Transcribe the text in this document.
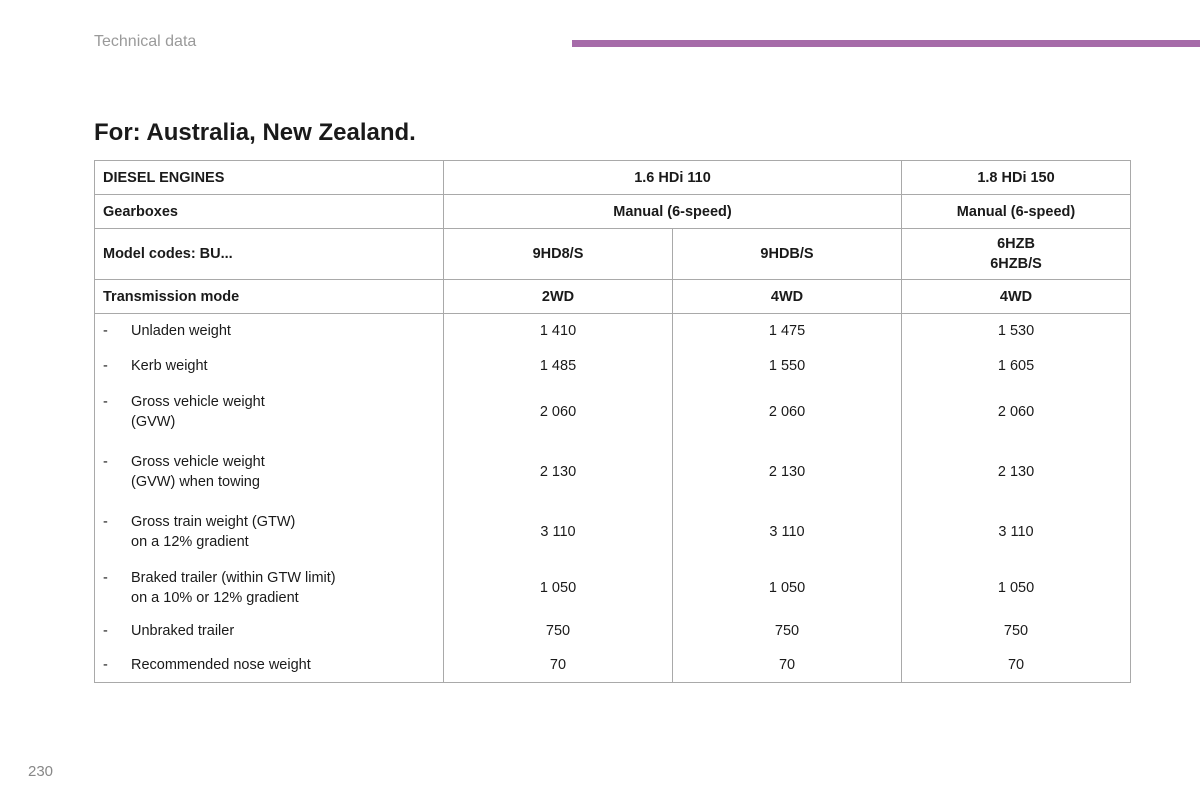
Technical data
For: Australia, New Zealand.
DIESEL ENGINES	1.6 HDi 110		1.8 HDi 150
Gearboxes	Manual (6-speed)		Manual (6-speed)
Model codes: BU...	9HD8/S	9HDB/S	6HZB
6HZB/S

Transmission mode	2WD	4WD	4WD

- Unladen weight	1 410	1 475	1 530

- Kerb weight	1 485	1 550	1 605

- Gross vehicle weight
(GVW)	2 060	2 060	2 060

- Gross vehicle weight
(GVW) when towing	2 130	2 130	2 130

- Gross train weight (GTW)
on a 12% gradient	3 110	3 110	3 110

- Braked trailer (within GTW limit)
on a 10% or 12% gradient	1 050	1 050	1 050

- Unbraked trailer	750	750	750

- Recommended nose weight	70	70	70
230
